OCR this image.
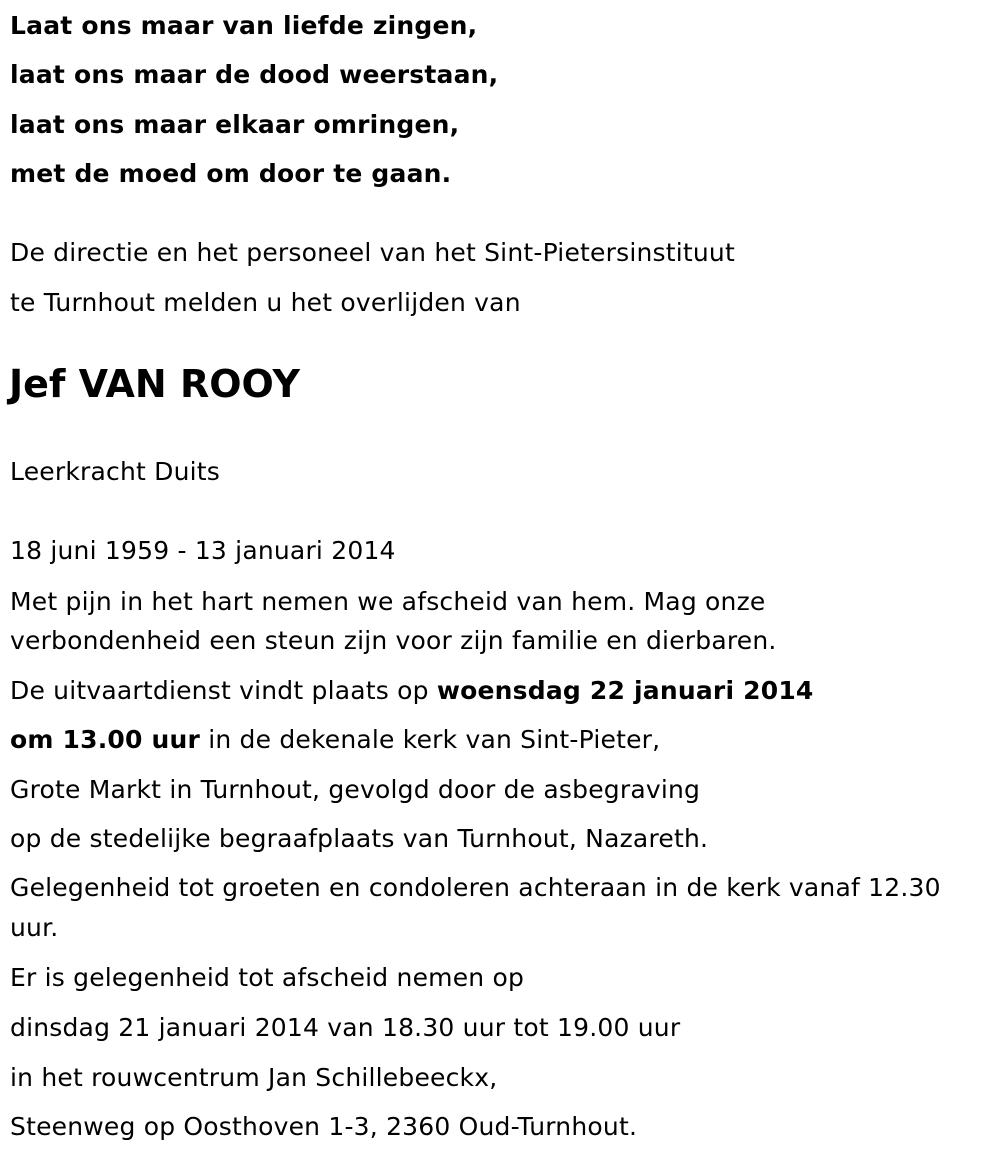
Laat ons maar van liefde zingen,
laat ons maar de dood weerstaan,
laat ons maar elkaar omringen,
met de moed om door te gaan.
De directie en het personeel van het Sint-Pietersinstituut
te Turnhout melden u het overlijden van
Jef VAN ROOY
Leerkracht Duits
18 juni 1959 - 13 januari 2014
Met pijn in het hart nemen we afscheid van hem. Mag onze
verbondenheid een steun zijn voor zijn familie en dierbaren.
De uitvaartdienst vindt plaats op woensdag 22 januari 2014
om 13.00 uur in de dekenale kerk van Sint-Pieter,
Grote Markt in Turnhout, gevolgd door de asbegraving
op de stedelijke begraafplaats van Turnhout, Nazareth.
Gelegenheid tot groeten en condoleren achteraan in de kerk vanaf 12.30 uur.
Er is gelegenheid tot afscheid nemen op
dinsdag 21 januari 2014 van 18.30 uur tot 19.00 uur
in het rouwcentrum Jan Schillebeeckx,
Steenweg op Oosthoven 1-3, 2360 Oud-Turnhout.
